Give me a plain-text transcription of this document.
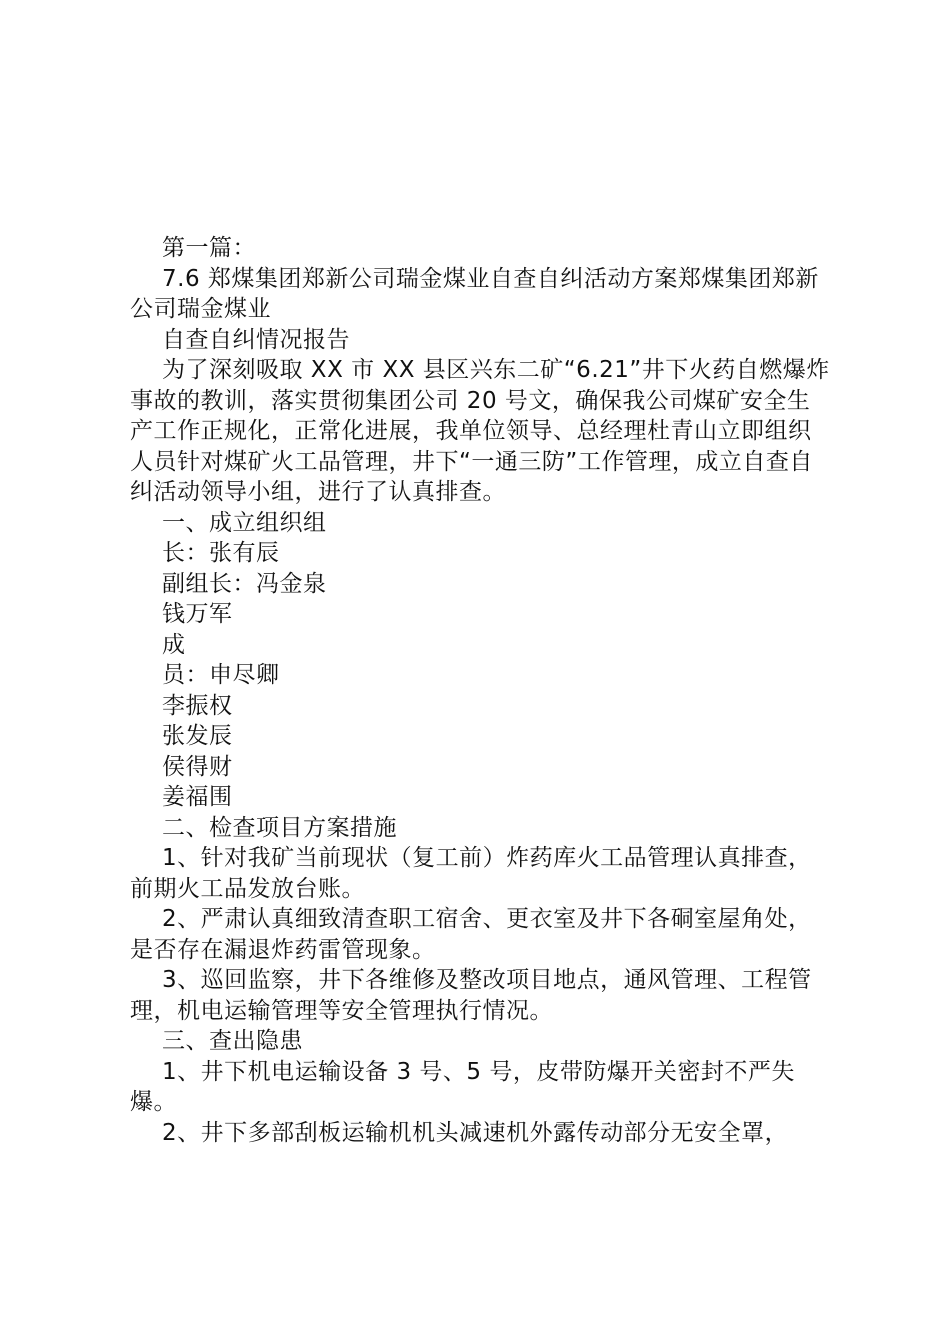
第一篇：

7.6 郑煤集团郑新公司瑞金煤业自查自纠活动方案郑煤集团郑新公司瑞金煤业

自查自纠情况报告

为了深刻吸取 XX 市 XX 县区兴东二矿“6.21”井下火药自燃爆炸事故的教训，落实贯彻集团公司 20 号文，确保我公司煤矿安全生产工作正规化，正常化进展，我单位领导、总经理杜青山立即组织人员针对煤矿火工品管理，井下“一通三防”工作管理，成立自查自纠活动领导小组，进行了认真排查。

一、成立组织组

长：张有辰

副组长：冯金泉

钱万军

成

员：申尽卿

李振权

张发辰

侯得财

姜福围

二、检查项目方案措施

1、针对我矿当前现状（复工前）炸药库火工品管理认真排查，前期火工品发放台账。

2、严肃认真细致清查职工宿舍、更衣室及井下各硐室屋角处，是否存在漏退炸药雷管现象。

3、巡回监察，井下各维修及整改项目地点，通风管理、工程管理，机电运输管理等安全管理执行情况。

三、查出隐患

1、井下机电运输设备 3 号、5 号，皮带防爆开关密封不严失爆。

2、井下多部刮板运输机机头减速机外露传动部分无安全罩，
